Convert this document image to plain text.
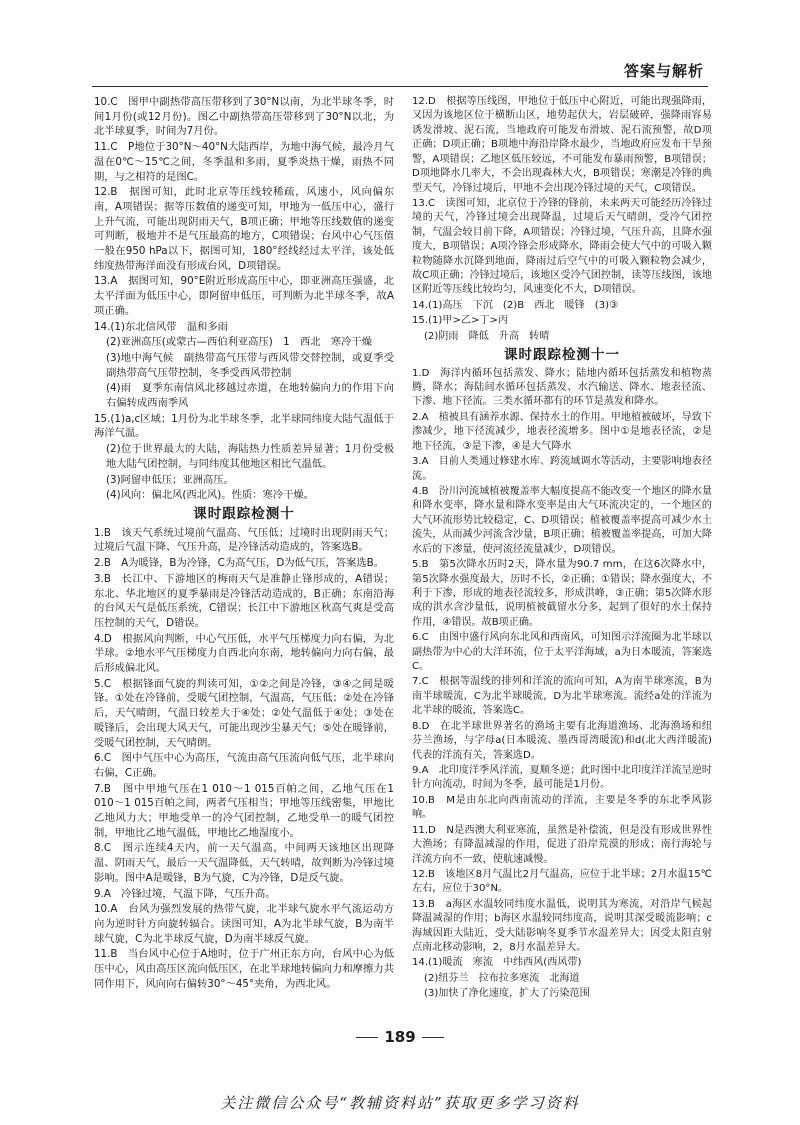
答案与解析
10.C　图甲中副热带高压带移到了30°N以南，为北半球冬季，时间1月份(或12月份)。图乙中副热带高压带移到了30°N以北，为北半球夏季，时间为7月份。
11.C　P地位于30°N～40°N大陆西岸，为地中海气候，最冷月气温在0℃～15℃之间，冬季温和多雨，夏季炎热干燥，雨热不同期，与之相符的是图C。
12.B　据图可知，此时北京等压线较稀疏，风速小，风向偏东南，A项错误；据等压数值的递变可知，甲地为一低压中心，盛行上升气流，可能出现阴雨天气，B项正确；甲地等压线数值的递变可判断，极地并不是气压最高的地方，C项错误；台风中心气压值一般在950 hPa以下，据图可知，180°经线经过太平洋，该处低纬度热带海洋面没有形成台风，D项错误。
13.A　据图可知，90°E附近形成高压中心，即亚洲高压强盛，北太平洋面为低压中心，即阿留申低压，可判断为北半球冬季，故A项正确。
14.(1)东北信风带　温和多雨
(2)亚洲高压(或蒙古—西伯利亚高压)　1　西北　寒冷干燥
(3)地中海气候　副热带高气压带与西风带交替控制，或夏季受副热带高气压带控制，冬季受西风带控制
(4)雨　夏季东南信风北移越过赤道，在地转偏向力的作用下向右偏转成西南季风
15.(1)a,c区域；1月份为北半球冬季，北半球同纬度大陆气温低于海洋气温。
(2)位于世界最大的大陆，海陆热力性质差异显著；1月份受极地大陆气团控制，与同纬度其他地区相比气温低。
(3)阿留申低压；亚洲高压。
(4)风向：偏北风(西北风)。性质：寒冷干燥。
课时跟踪检测十
1.B　该天气系统过境前气温高、气压低；过境时出现阴雨天气；过境后气温下降、气压升高，是冷锋活动造成的，答案选B。
2.B　A为暖锋，B为冷锋，C为高气压，D为低气压，答案选B。
3.B　长江中、下游地区的梅雨天气是准静止锋形成的，A错误；东北、华北地区的夏季暴雨是冷锋活动造成的，B正确；东南沿海的台风天气是低压系统，C错误；长江中下游地区秋高气爽是受高压控制的天气，D错误。
4.D　根据风向判断，中心气压低，水平气压梯度力向右偏，为北半球。②地水平气压梯度力自西北向东南，地转偏向力向右偏，最后形成偏北风。
5.C　根据锋面气旋的判读可知，①②之间是冷锋，③④之间是暖锋。①处在冷锋前，受暖气团控制，气温高，气压低；②处在冷锋后，天气晴朗，气温日较差大于④处；②处气温低于④处；③处在暖锋后，会出现大风天气，可能出现沙尘暴天气；⑤处在暖锋前，受暖气团控制，天气晴朗。
6.C　图中气压中心为高压，气流由高气压流向低气压，北半球向右偏，C正确。
7.B　图中甲地气压在1 010～1 015百帕之间，乙地气压在1 010～1 015百帕之间，两者气压相当；甲地等压线密集，甲地比乙地风力大；甲地受单一的冷气团控制，乙地受单一的暖气团控制，甲地比乙地气温低，甲地比乙地湿度小。
8.C　图示连续4天内，前一天气温高，中间两天该地区出现降温、阴雨天气，最后一天气温降低，天气转晴，故判断为冷锋过境影响。图中A是暖锋，B为气旋，C为冷锋，D是反气旋。
9.A　冷锋过境，气温下降，气压升高。
10.A　台风为强烈发展的热带气旋，北半球气旋水平气流运动方向为逆时针方向旋转辐合。读图可知，A为北半球气旋，B为南半球气旋，C为北半球反气旋，D为南半球反气旋。
11.B　当台风中心位于A地时，位于广州正东方向，台风中心为低压中心，风由高压区流向低压区，在北半球地转偏向力和摩擦力共同作用下，风向向右偏转30°～45°夹角，为西北风。
12.D　根据等压线图，甲地位于低压中心附近，可能出现强降雨，又因为该地区位于横断山区，地势起伏大，岩层破碎，强降雨容易诱发滑坡、泥石流，当地政府可能发布滑坡、泥石流预警，故D项正确；D项正确；B项地中海沿岸降水最少，当地政府应发布干旱预警，A项错误；乙地区低压较远，不可能发布暴雨预警，B项错误；D项地降水几率大，不会出现森林大火，B项错误；寒潮是冷锋的典型天气，冷锋过境后，甲地不会出现冷锋过境的天气，C项错误。
13.C　读图可知，北京位于冷锋的锋前，未来两天可能经历冷锋过境的天气，冷锋过境会出现降温，过境后天气晴朗，受冷气团控制，气温会较目前下降，A项错误；冷锋过境，气压升高，且降水强度大，B项错误；A项冷锋会形成降水，降雨会使大气中的可吸入颗粒物随降水沉降到地面，降雨过后空气中的可吸入颗粒物会减少，故C项正确；冷锋过境后，该地区受冷气团控制，读等压线图，该地区附近等压线比较均匀，风速变化不大，D项错误。
14.(1)高压　下沉　(2)B　西北　暖锋　(3)③
15.(1)甲>乙>丁>丙
(2)阴雨　降低　升高　转晴
课时跟踪检测十一
1.D　海洋内循环包括蒸发、降水；陆地内循环包括蒸发和植物蒸腾，降水；海陆间水循环包括蒸发、水汽输送、降水、地表径流、下渗、地下径流。三类水循环都有的环节是蒸发和降水。
2.A　植被具有涵养水源、保持水土的作用。甲地植被破坏，导致下渗减少，地下径流减少，地表径流增多。图中①是地表径流，②是地下径流，③是下渗，④是大气降水
3.A　目前人类通过修建水库、跨流域调水等活动，主要影响地表径流。
4.B　汾川河流域植被覆盖率大幅度提高不能改变一个地区的降水量和降水变率，降水量和降水变率是由大气环流决定的，一个地区的大气环流形势比较稳定，C、D项错误；植被覆盖率提高可减少水土流失，从而减少河流含沙量，B项正确；植被覆盖率提高，可加大降水后的下渗量，使河流径流量减少，D项错误。
5.B　第5次降水历时2天，降水量为90.7 mm，在这6次降水中，第5次降水强度最大，历时不长，②正确；①错误；降水强度大，不利于下渗，形成的地表径流较多，形成洪峰，③正确；第5次降水形成的洪水含沙量低，说明植被截留水分多，起到了很好的水土保持作用，④错误。故B项正确。
6.C　由图中盛行风向东北风和西南风，可知图示洋流圈为北半球以副热带为中心的大洋环流，位于太平洋海域，a为日本暖流，答案选C。
7.C　根据等温线的排列和洋流的流向可知，A为南半球寒流，B为南半球暖流，C为北半球暖流，D为北半球寒流。流经a处的洋流为北半球的暖流，答案选C。
8.D　在北半球世界著名的渔场主要有北海道渔场、北海渔场和纽芬兰渔场，与字母a(日本暖流、墨西哥湾暖流)和d(北大西洋暖流)代表的洋流有关，答案选D。
9.A　北印度洋季风洋流，夏顺冬逆；此时图中北印度洋洋流呈逆时针方向流动，时间为冬季，最可能是1月份。
10.B　M是由东北向西南流动的洋流，主要是冬季的东北季风影响。
11.D　N是西澳大利亚寒流，虽然是补偿流，但是没有形成世界性大渔场；有降温减湿的作用，促进了沿岸荒漠的形成；南行海轮与洋流方向不一致，使航速减慢。
12.B　该地区8月气温比2月气温高，应位于北半球；2月水温15℃左右，应位于30°N。
13.B　a海区水温较同纬度水温低，说明其为寒流，对沿岸气候起降温减湿的作用；b海区水温较同纬度高，说明其深受暖流影响；c海域因距大陆近，受大陆影响冬夏季节水温差异大；因受太阳直射点南北移动影响，2，8月水温差异大。
14.(1)暖流　寒流　中纬西风(西风带)
(2)纽芬兰　拉布拉多寒流　北海道
(3)加快了净化速度，扩大了污染范围
189
关注微信公众号“教辅资料站”获取更多学习资料
